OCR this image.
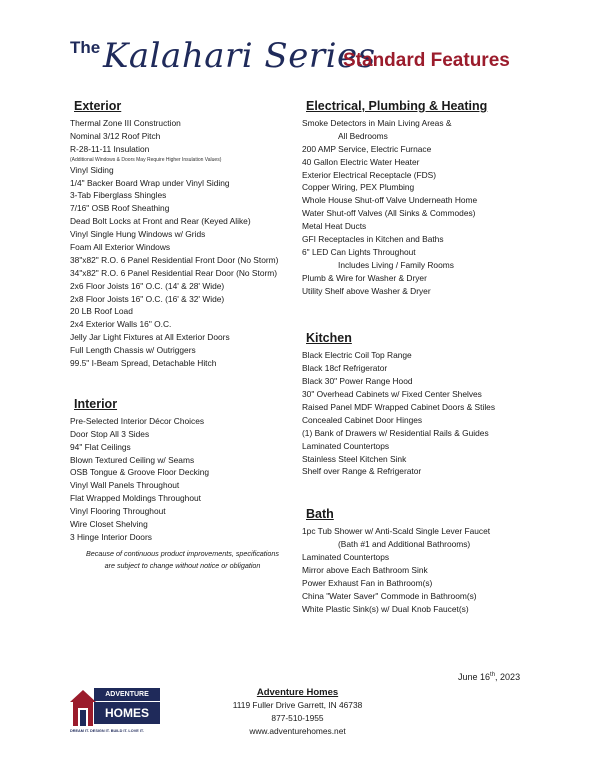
The Kalahari Series
Standard Features
Exterior
Thermal Zone III Construction
Nominal 3/12 Roof Pitch
R-28-11-11 Insulation
(Additional Windows & Doors May Require Higher Insulation Values)
Vinyl Siding
1/4" Backer Board Wrap under Vinyl Siding
3-Tab Fiberglass Shingles
7/16" OSB Roof Sheathing
Dead Bolt Locks at Front and Rear (Keyed Alike)
Vinyl Single Hung Windows w/ Grids
Foam All Exterior Windows
38"x82" R.O. 6 Panel Residential Front Door (No Storm)
34"x82" R.O. 6 Panel Residential Rear Door (No Storm)
2x6 Floor Joists 16" O.C. (14' & 28' Wide)
2x8 Floor Joists 16" O.C. (16' & 32' Wide)
20 LB Roof Load
2x4 Exterior Walls 16" O.C.
Jelly Jar Light Fixtures at All Exterior Doors
Full Length Chassis w/ Outriggers
99.5" I-Beam Spread, Detachable Hitch
Interior
Pre-Selected Interior Décor Choices
Door Stop All 3 Sides
94" Flat Ceilings
Blown Textured Ceiling w/ Seams
OSB Tongue & Groove Floor Decking
Vinyl Wall Panels Throughout
Flat Wrapped Moldings Throughout
Vinyl Flooring Throughout
Wire Closet Shelving
3 Hinge Interior Doors
Because of continuous product improvements, specifications
are subject to change without notice or obligation
Electrical, Plumbing & Heating
Smoke Detectors in Main Living Areas &
All Bedrooms
200 AMP Service, Electric Furnace
40 Gallon Electric Water Heater
Exterior Electrical Receptacle (FDS)
Copper Wiring, PEX Plumbing
Whole House Shut-off Valve Underneath Home
Water Shut-off Valves (All Sinks & Commodes)
Metal Heat Ducts
GFI Receptacles in Kitchen and Baths
6" LED Can Lights Throughout
Includes Living / Family Rooms
Plumb & Wire for Washer & Dryer
Utility Shelf above Washer & Dryer
Kitchen
Black Electric Coil Top Range
Black 18cf Refrigerator
Black 30" Power Range Hood
30" Overhead Cabinets w/ Fixed Center Shelves
Raised Panel MDF Wrapped Cabinet Doors & Stiles
Concealed Cabinet Door Hinges
(1) Bank of Drawers w/ Residential Rails & Guides
Laminated Countertops
Stainless Steel Kitchen Sink
Shelf over Range & Refrigerator
Bath
1pc Tub Shower w/ Anti-Scald Single Lever Faucet
(Bath #1 and Additional Bathrooms)
Laminated Countertops
Mirror above Each Bathroom Sink
Power Exhaust Fan in Bathroom(s)
China "Water Saver" Commode in Bathroom(s)
White Plastic Sink(s) w/ Dual Knob Faucet(s)
June 16th, 2023
ADVENTURE
HOMES
DREAM IT. DESIGN IT. BUILD IT. LOVE IT.
Adventure Homes
1119 Fuller Drive Garrett, IN 46738
877-510-1955
www.adventurehomes.net
